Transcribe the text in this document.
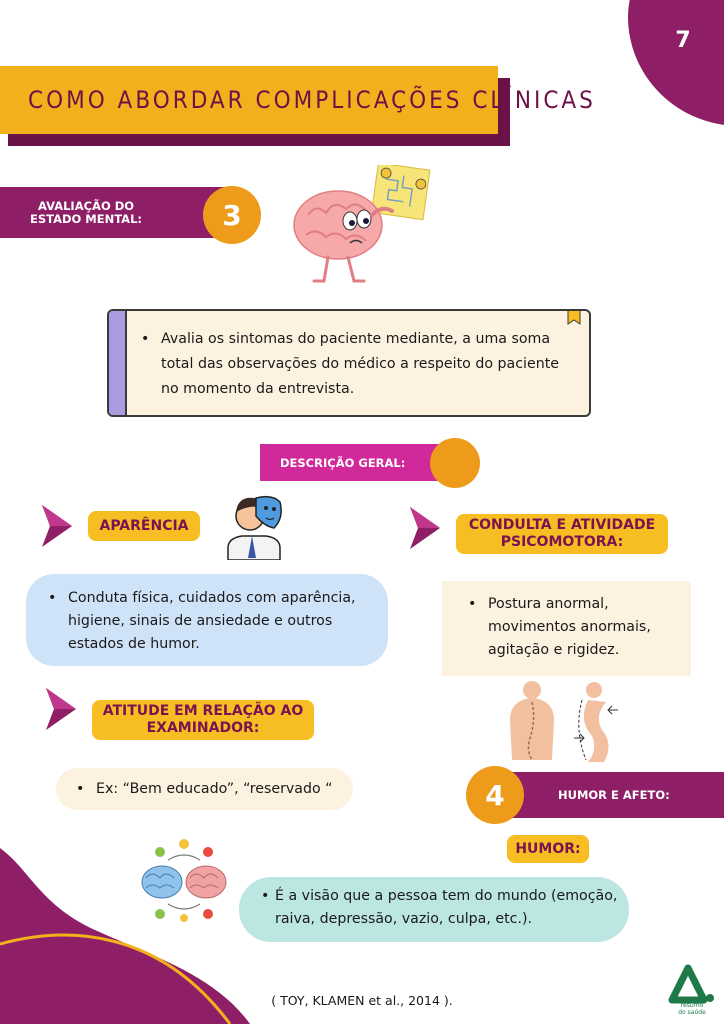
7
COMO ABORDAR COMPLICAÇÕES CLÍNICAS
AVALIAÇÃO DO
ESTADO MENTAL:	3
• Avalia os sintomas do paciente mediante, a uma soma total das observações do médico a respeito do paciente no momento da entrevista.
DESCRIÇÃO GERAL:
APARÊNCIA
• Conduta física, cuidados com aparência, higiene, sinais de ansiedade e outros estados de humor.
CONDULTA E ATIVIDADE
PSICOMOTORA:
• Postura anormal, movimentos anormais, agitação e rigidez.
ATITUDE EM RELAÇÃO AO
EXAMINADOR:
• Ex: “Bem educado”, “reservado “	HUMOR E AFETO:
4
HUMOR:
• É a visão que a pessoa tem do mundo (emoção, raiva, depressão, vazio, culpa, etc.).
( TOY, KLAMEN et al., 2014 ).	resumo
do saúde
